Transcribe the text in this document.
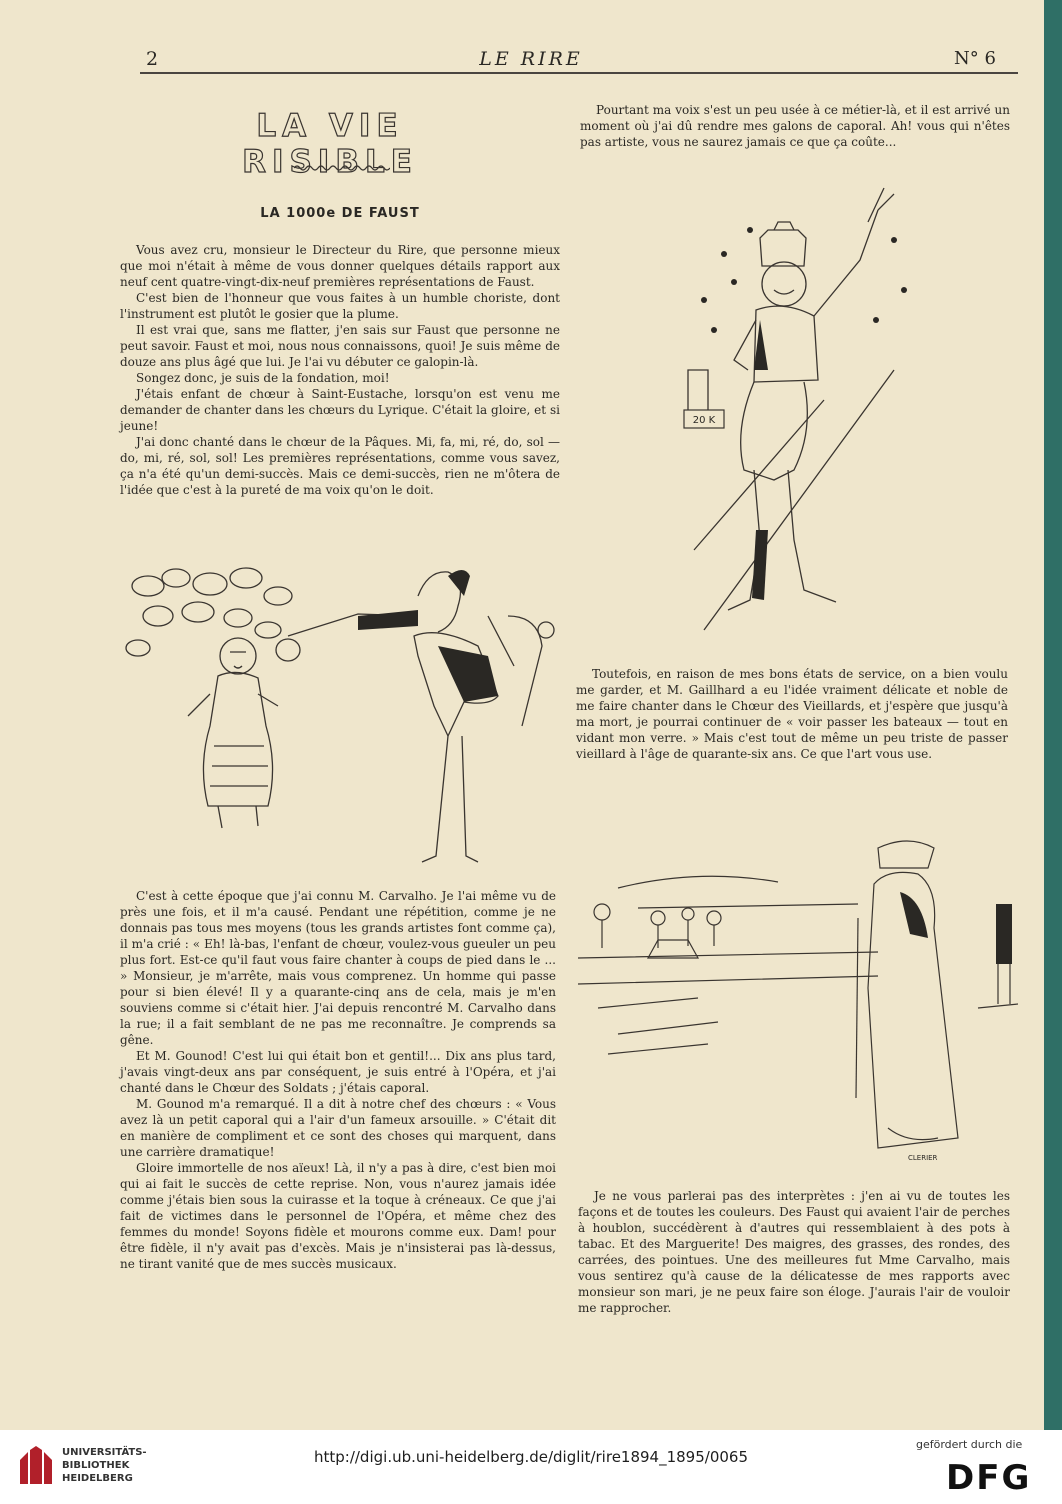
2	LE RIRE	N° 6
LA VIE RISIBLE
LA 1000e DE FAUST

Vous avez cru, monsieur le Directeur du Rire, que personne mieux que moi n'était à même de vous donner quelques détails rapport aux neuf cent quatre-vingt-dix-neuf premières représentations de Faust.

C'est bien de l'honneur que vous faites à un humble choriste, dont l'instrument est plutôt le gosier que la plume.

Il est vrai que, sans me flatter, j'en sais sur Faust que personne ne peut savoir. Faust et moi, nous nous connaissons, quoi! Je suis même de douze ans plus âgé que lui. Je l'ai vu débuter ce galopin-là.

Songez donc, je suis de la fondation, moi!

J'étais enfant de chœur à Saint-Eustache, lorsqu'on est venu me demander de chanter dans les chœurs du Lyrique. C'était la gloire, et si jeune!

J'ai donc chanté dans le chœur de la Pâques. Mi, fa, mi, ré, do, sol — do, mi, ré, sol, sol! Les premières représentations, comme vous savez, ça n'a été qu'un demi-succès. Mais ce demi-succès, rien ne m'ôtera de l'idée que c'est à la pureté de ma voix qu'on le doit.

C'est à cette époque que j'ai connu M. Carvalho. Je l'ai même vu de près une fois, et il m'a causé. Pendant une répétition, comme je ne donnais pas tous mes moyens (tous les grands artistes font comme ça), il m'a crié : « Eh! là-bas, l'enfant de chœur, voulez-vous gueuler un peu plus fort. Est-ce qu'il faut vous faire chanter à coups de pied dans le ... » Monsieur, je m'arrête, mais vous comprenez. Un homme qui passe pour si bien élevé! Il y a quarante-cinq ans de cela, mais je m'en souviens comme si c'était hier. J'ai depuis rencontré M. Carvalho dans la rue; il a fait semblant de ne pas me reconnaître. Je comprends sa gêne.

Et M. Gounod! C'est lui qui était bon et gentil!... Dix ans plus tard, j'avais vingt-deux ans par conséquent, je suis entré à l'Opéra, et j'ai chanté dans le Chœur des Soldats ; j'étais caporal.

M. Gounod m'a remarqué. Il a dit à notre chef des chœurs : « Vous avez là un petit caporal qui a l'air d'un fameux arsouille. » C'était dit en manière de compliment et ce sont des choses qui marquent, dans une carrière dramatique!

Gloire immortelle de nos aïeux! Là, il n'y a pas à dire, c'est bien moi qui ai fait le succès de cette reprise. Non, vous n'aurez jamais idée comme j'étais bien sous la cuirasse et la toque à créneaux. Ce que j'ai fait de victimes dans le personnel de l'Opéra, et même chez des femmes du monde! Soyons fidèle et mourons comme eux. Dam! pour être fidèle, il n'y avait pas d'excès. Mais je n'insisterai pas là-dessus, ne tirant vanité que de mes succès musicaux.

Pourtant ma voix s'est un peu usée à ce métier-là, et il est arrivé un moment où j'ai dû rendre mes galons de caporal. Ah! vous qui n'êtes pas artiste, vous ne saurez jamais ce que ça coûte...

20 K

Toutefois, en raison de mes bons états de service, on a bien voulu me garder, et M. Gaillhard a eu l'idée vraiment délicate et noble de me faire chanter dans le Chœur des Vieillards, et j'espère que jusqu'à ma mort, je pourrai continuer de « voir passer les bateaux — tout en vidant mon verre. » Mais c'est tout de même un peu triste de passer vieillard à l'âge de quarante-six ans. Ce que l'art vous use.

CLERIER

Je ne vous parlerai pas des interprètes : j'en ai vu de toutes les façons et de toutes les couleurs. Des Faust qui avaient l'air de perches à houblon, succédèrent à d'autres qui ressemblaient à des pots à tabac. Et des Marguerite! Des maigres, des grasses, des rondes, des carrées, des pointues. Une des meilleures fut Mme Carvalho, mais vous sentirez qu'à cause de la délicatesse de mes rapports avec monsieur son mari, je ne peux faire son éloge. J'aurais l'air de vouloir me rapprocher.

UNIVERSITÄTS-
BIBLIOTHEK
HEIDELBERG
http://digi.ub.uni-heidelberg.de/diglit/rire1894_1895/0065
gefördert durch die
DFG
